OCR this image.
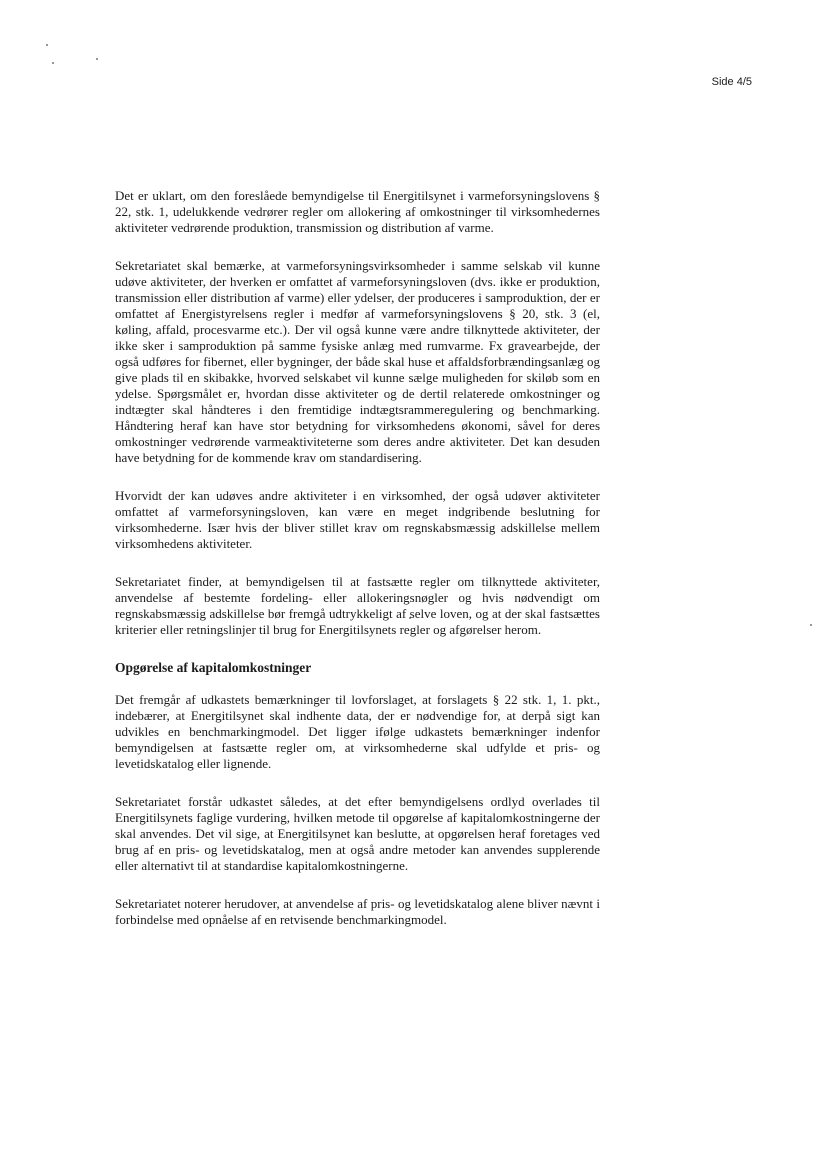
Side 4/5

Det er uklart, om den foreslåede bemyndigelse til Energitilsynet i varmeforsyningslovens § 22, stk. 1, udelukkende vedrører regler om allokering af omkostninger til virksomhedernes aktiviteter vedrørende produktion, transmission og distribution af varme.

Sekretariatet skal bemærke, at varmeforsyningsvirksomheder i samme selskab vil kunne udøve aktiviteter, der hverken er omfattet af varmeforsyningsloven (dvs. ikke er produktion, transmission eller distribution af varme) eller ydelser, der produceres i samproduktion, der er omfattet af Energistyrelsens regler i medfør af varmeforsyningslovens § 20, stk. 3 (el, køling, affald, procesvarme etc.). Der vil også kunne være andre tilknyttede aktiviteter, der ikke sker i samproduktion på samme fysiske anlæg med rumvarme. Fx gravearbejde, der også udføres for fibernet, eller bygninger, der både skal huse et affaldsforbrændingsanlæg og give plads til en skibakke, hvorved selskabet vil kunne sælge muligheden for skiløb som en ydelse. Spørgsmålet er, hvordan disse aktiviteter og de dertil relaterede omkostninger og indtægter skal håndteres i den fremtidige indtægtsrammeregulering og benchmarking. Håndtering heraf kan have stor betydning for virksomhedens økonomi, såvel for deres omkostninger vedrørende varmeaktiviteterne som deres andre aktiviteter. Det kan desuden have betydning for de kommende krav om standardisering.

Hvorvidt der kan udøves andre aktiviteter i en virksomhed, der også udøver aktiviteter omfattet af varmeforsyningsloven, kan være en meget indgribende beslutning for virksomhederne. Især hvis der bliver stillet krav om regnskabsmæssig adskillelse mellem virksomhedens aktiviteter.

Sekretariatet finder, at bemyndigelsen til at fastsætte regler om tilknyttede aktiviteter, anvendelse af bestemte fordeling- eller allokeringsnøgler og hvis nødvendigt om regnskabsmæssig adskillelse bør fremgå udtrykkeligt af selve loven, og at der skal fastsættes kriterier eller retningslinjer til brug for Energitilsynets regler og afgørelser herom.

Opgørelse af kapitalomkostninger

Det fremgår af udkastets bemærkninger til lovforslaget, at forslagets § 22 stk. 1, 1. pkt., indebærer, at Energitilsynet skal indhente data, der er nødvendige for, at derpå sigt kan udvikles en benchmarkingmodel. Det ligger ifølge udkastets bemærkninger indenfor bemyndigelsen at fastsætte regler om, at virksomhederne skal udfylde et pris- og levetidskatalog eller lignende.

Sekretariatet forstår udkastet således, at det efter bemyndigelsens ordlyd overlades til Energitilsynets faglige vurdering, hvilken metode til opgørelse af kapitalomkostningerne der skal anvendes. Det vil sige, at Energitilsynet kan beslutte, at opgørelsen heraf foretages ved brug af en pris- og levetidskatalog, men at også andre metoder kan anvendes supplerende eller alternativt til at standardise kapitalomkostningerne.

Sekretariatet noterer herudover, at anvendelse af pris- og levetidskatalog alene bliver nævnt i forbindelse med opnåelse af en retvisende benchmarkingmodel.
